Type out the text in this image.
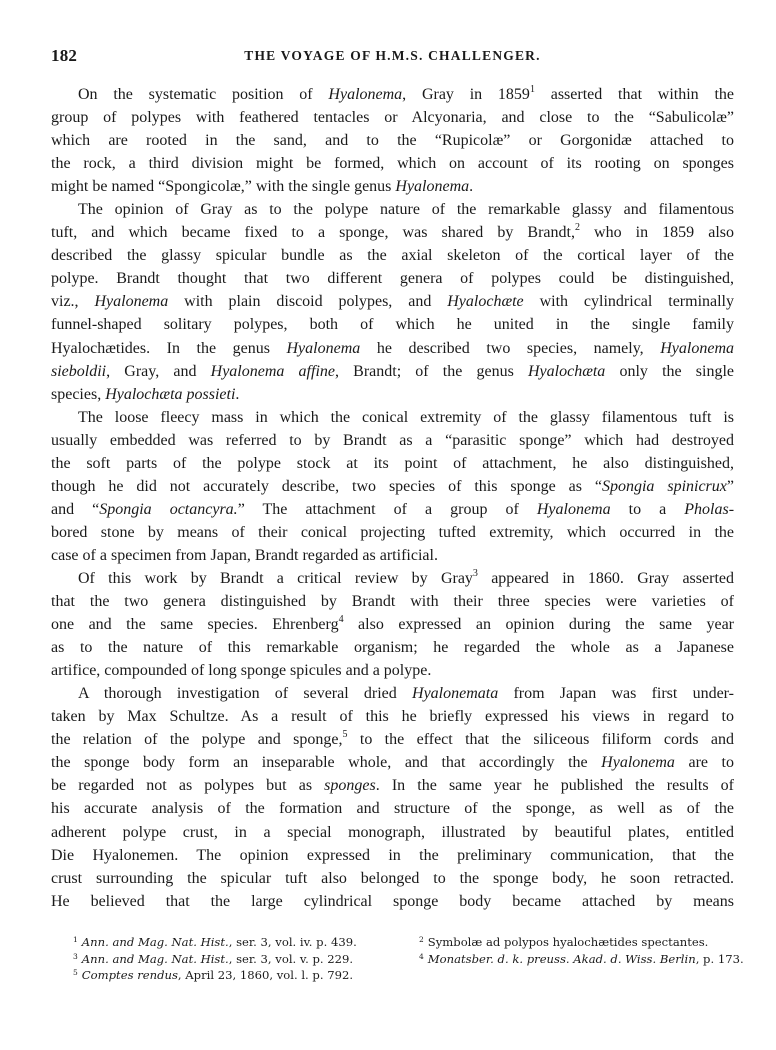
182	THE VOYAGE OF H.M.S. CHALLENGER.
On the systematic position of Hyalonema, Gray in 1859$^1$ asserted that within the
group of polypes with feathered tentacles or Alcyonaria, and close to the “Sabulicolæ”
which are rooted in the sand, and to the “Rupicolæ” or Gorgonidæ attached to
the rock, a third division might be formed, which on account of its rooting on sponges
might be named “Spongicolæ,” with the single genus Hyalonema.
The opinion of Gray as to the polype nature of the remarkable glassy and filamentous
tuft, and which became fixed to a sponge, was shared by Brandt,$^2$ who in 1859 also
described the glassy spicular bundle as the axial skeleton of the cortical layer of the
polype. Brandt thought that two different genera of polypes could be distinguished,
viz., Hyalonema with plain discoid polypes, and Hyalochæte with cylindrical terminally
funnel-shaped solitary polypes, both of which he united in the single family
Hyalochætides. In the genus Hyalonema he described two species, namely, Hyalonema
sieboldii, Gray, and Hyalonema affine, Brandt; of the genus Hyalochæta only the single
species, Hyalochæta possieti.
The loose fleecy mass in which the conical extremity of the glassy filamentous tuft is
usually embedded was referred to by Brandt as a “parasitic sponge” which had destroyed
the soft parts of the polype stock at its point of attachment, he also distinguished,
though he did not accurately describe, two species of this sponge as “Spongia spinicrux”
and “Spongia octancyra.” The attachment of a group of Hyalonema to a Pholas-
bored stone by means of their conical projecting tufted extremity, which occurred in the
case of a specimen from Japan, Brandt regarded as artificial.
Of this work by Brandt a critical review by Gray$^3$ appeared in 1860. Gray asserted
that the two genera distinguished by Brandt with their three species were varieties of
one and the same species. Ehrenberg$^4$ also expressed an opinion during the same year
as to the nature of this remarkable organism; he regarded the whole as a Japanese
artifice, compounded of long sponge spicules and a polype.
A thorough investigation of several dried Hyalonemata from Japan was first under-
taken by Max Schultze. As a result of this he briefly expressed his views in regard to
the relation of the polype and sponge,$^5$ to the effect that the siliceous filiform cords and
the sponge body form an inseparable whole, and that accordingly the Hyalonema are to
be regarded not as polypes but as sponges. In the same year he published the results of
his accurate analysis of the formation and structure of the sponge, as well as of the
adherent polype crust, in a special monograph, illustrated by beautiful plates, entitled
Die Hyalonemen. The opinion expressed in the preliminary communication, that the
crust surrounding the spicular tuft also belonged to the sponge body, he soon retracted.
He believed that the large cylindrical sponge body became attached by means
$^1$ Ann. and Mag. Nat. Hist., ser. 3, vol. iv. p. 439.
$^3$ Ann. and Mag. Nat. Hist., ser. 3, vol. v. p. 229.
$^5$ Comptes rendus, April 23, 1860, vol. l. p. 792.
$^2$ Symbolæ ad polypos hyalochætides spectantes.
$^4$ Monatsber. d. k. preuss. Akad. d. Wiss. Berlin, p. 173.
